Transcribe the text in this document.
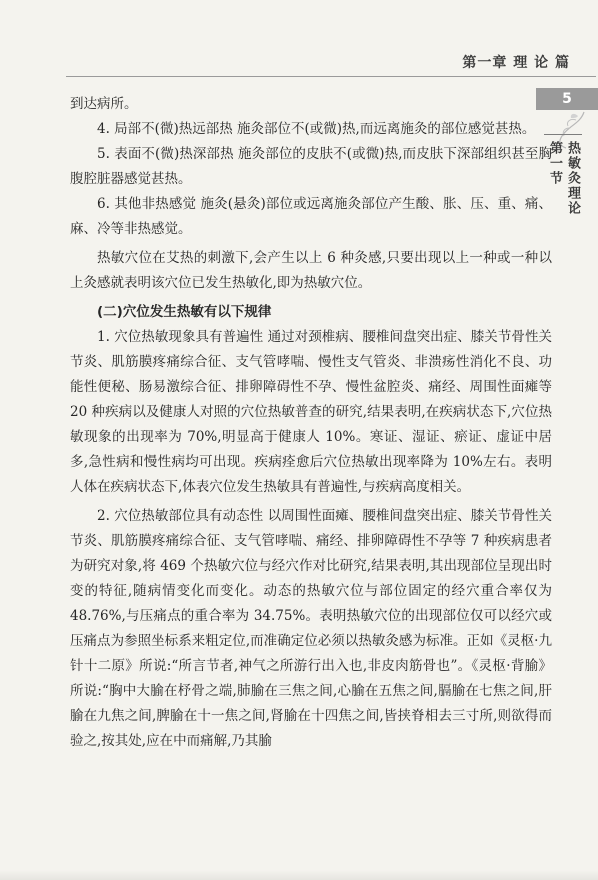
第一章 理 论 篇
5
第一节 热敏灸理论

到达病所。

4. 局部不(微)热远部热 施灸部位不(或微)热,而远离施灸的部位感觉甚热。

5. 表面不(微)热深部热 施灸部位的皮肤不(或微)热,而皮肤下深部组织甚至胸腹腔脏器感觉甚热。

6. 其他非热感觉 施灸(悬灸)部位或远离施灸部位产生酸、胀、压、重、痛、麻、冷等非热感觉。

热敏穴位在艾热的刺激下,会产生以上 6 种灸感,只要出现以上一种或一种以上灸感就表明该穴位已发生热敏化,即为热敏穴位。

(二)穴位发生热敏有以下规律

1. 穴位热敏现象具有普遍性 通过对颈椎病、腰椎间盘突出症、膝关节骨性关节炎、肌筋膜疼痛综合征、支气管哮喘、慢性支气管炎、非溃疡性消化不良、功能性便秘、肠易激综合征、排卵障碍性不孕、慢性盆腔炎、痛经、周围性面瘫等 20 种疾病以及健康人对照的穴位热敏普查的研究,结果表明,在疾病状态下,穴位热敏现象的出现率为 70%,明显高于健康人 10%。寒证、湿证、瘀证、虚证中居多,急性病和慢性病均可出现。疾病痊愈后穴位热敏出现率降为 10%左右。表明人体在疾病状态下,体表穴位发生热敏具有普遍性,与疾病高度相关。

2. 穴位热敏部位具有动态性 以周围性面瘫、腰椎间盘突出症、膝关节骨性关节炎、肌筋膜疼痛综合征、支气管哮喘、痛经、排卵障碍性不孕等 7 种疾病患者为研究对象,将 469 个热敏穴位与经穴作对比研究,结果表明,其出现部位呈现出时变的特征,随病情变化而变化。动态的热敏穴位与部位固定的经穴重合率仅为 48.76%,与压痛点的重合率为 34.75%。表明热敏穴位的出现部位仅可以经穴或压痛点为参照坐标系来粗定位,而准确定位必须以热敏灸感为标准。正如《灵枢·九针十二原》所说:“所言节者,神气之所游行出入也,非皮肉筋骨也”。《灵枢·背腧》所说:“胸中大腧在杼骨之端,肺腧在三焦之间,心腧在五焦之间,膈腧在七焦之间,肝腧在九焦之间,脾腧在十一焦之间,肾腧在十四焦之间,皆挟脊相去三寸所,则欲得而验之,按其处,应在中而痛解,乃其腧
